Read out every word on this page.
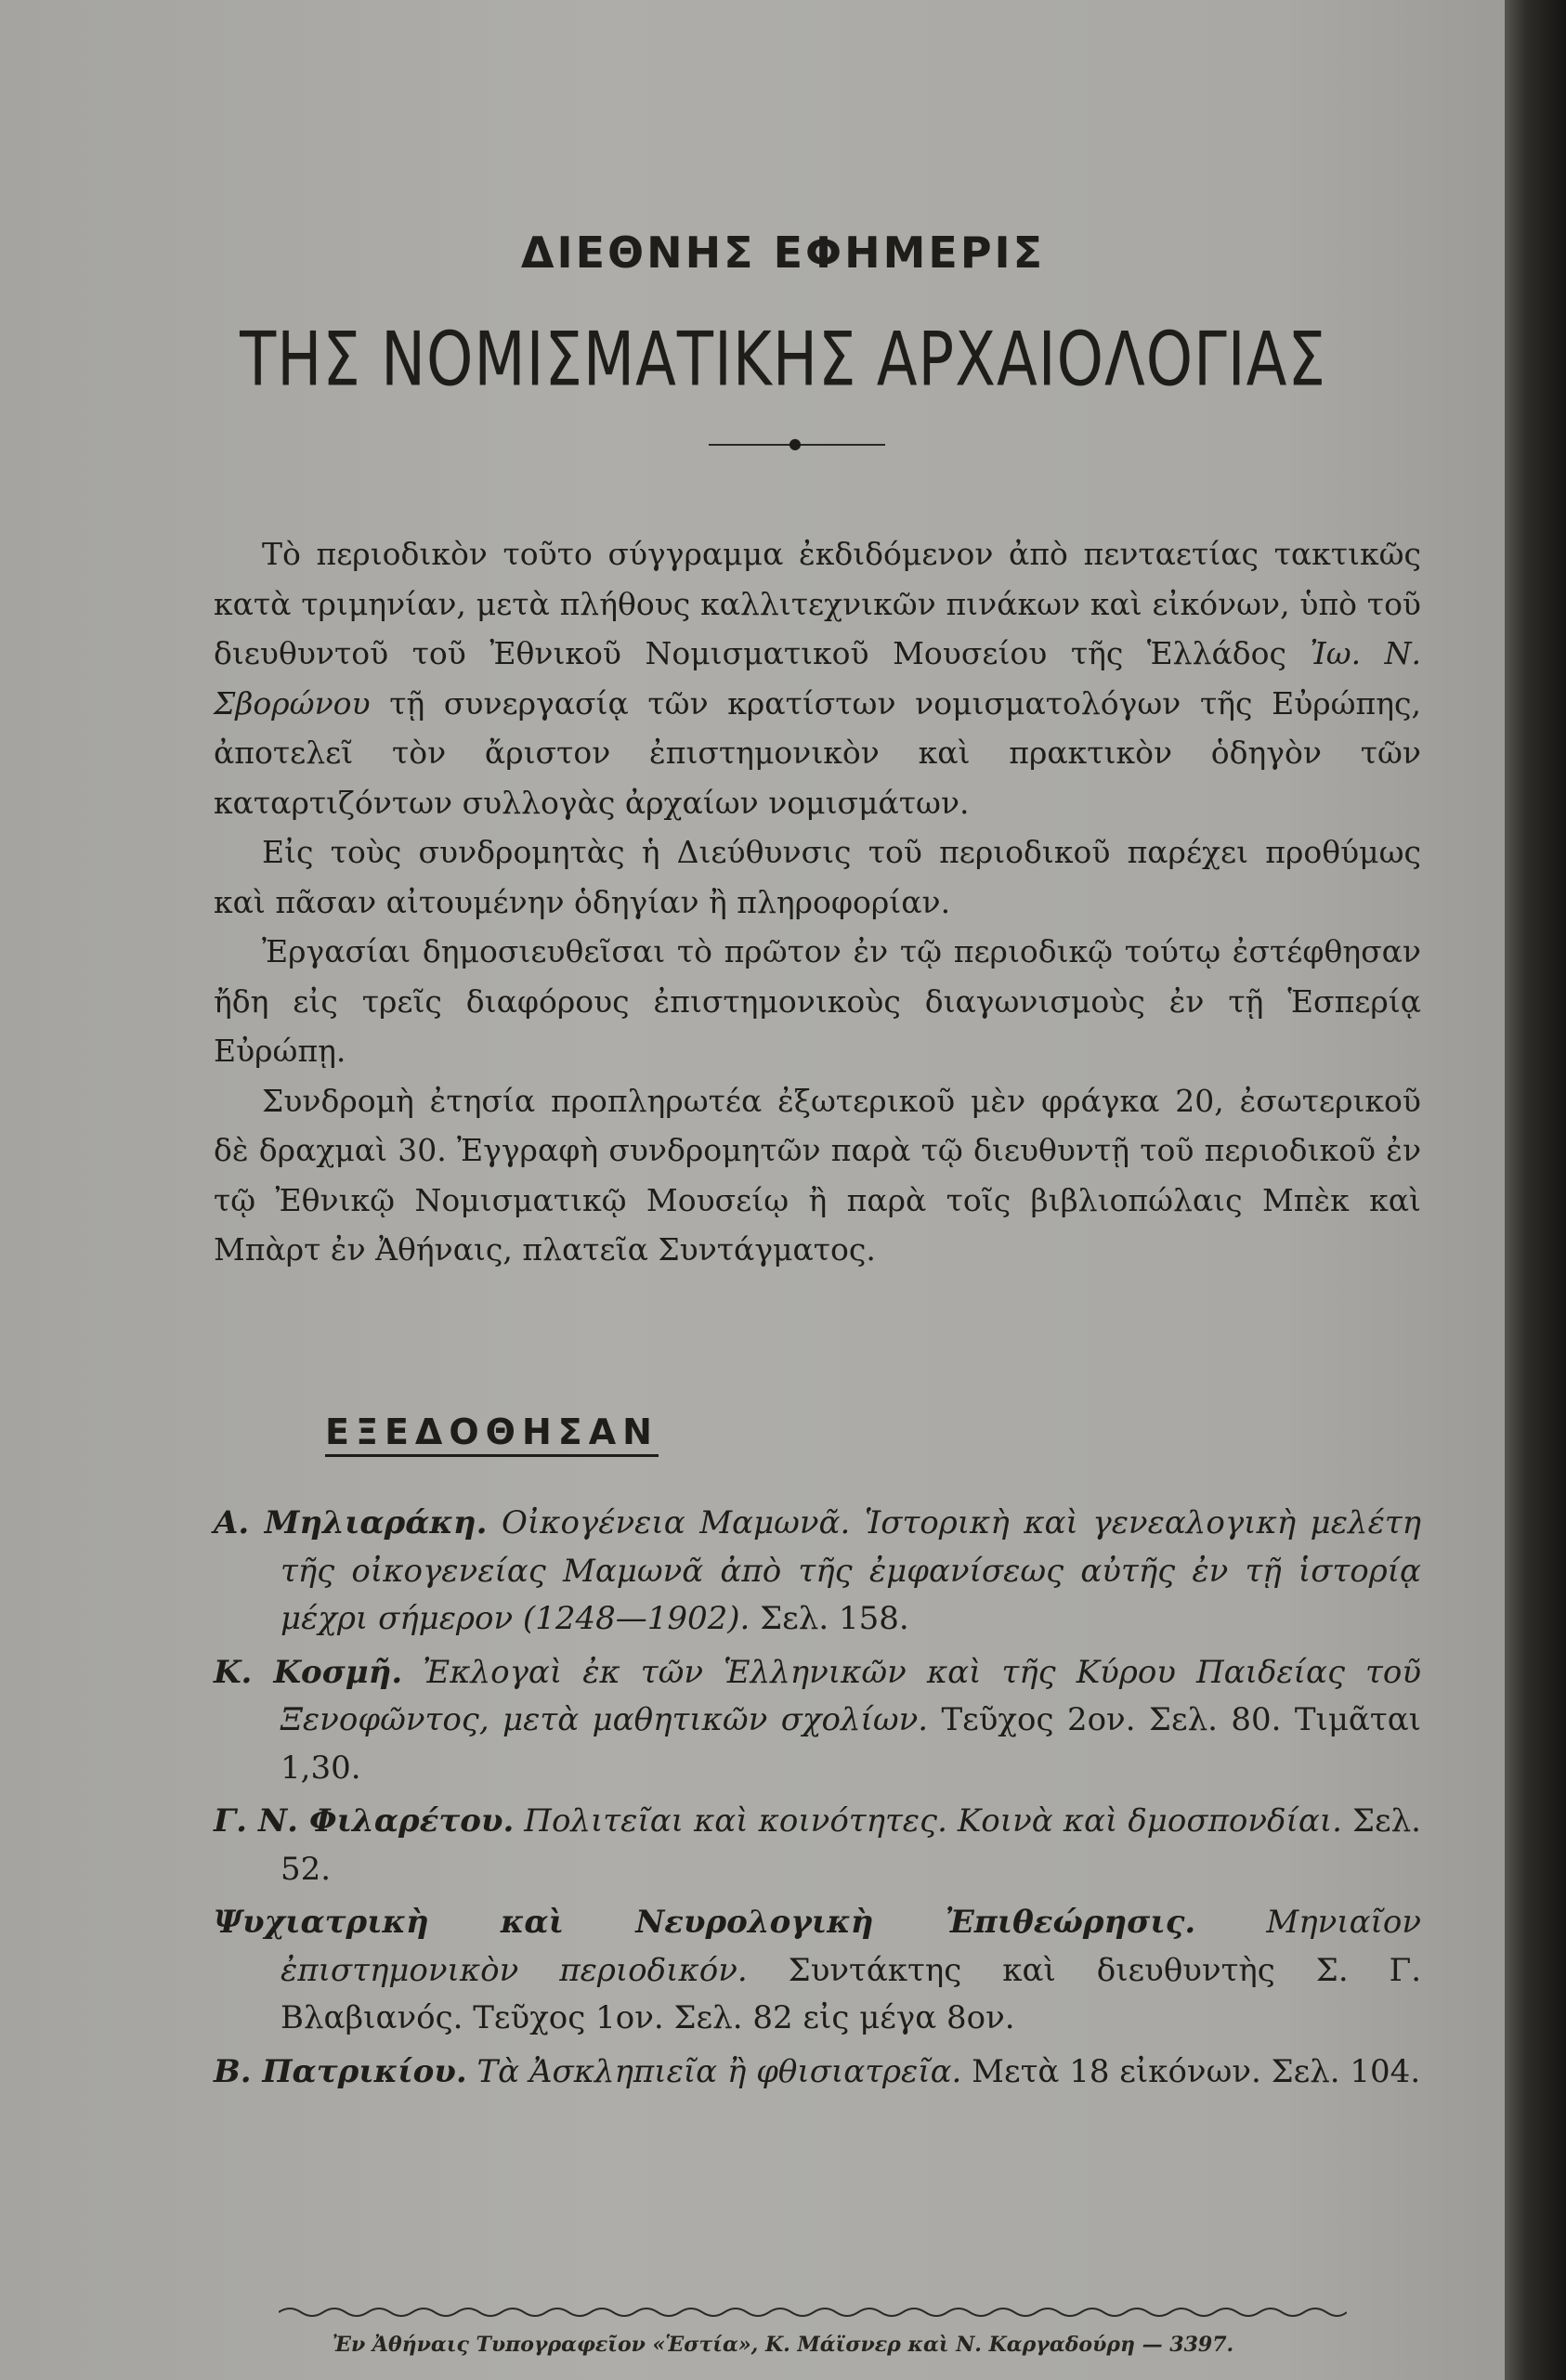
ΔΙΕΘΝΗΣ ΕΦΗΜΕΡΙΣ
ΤΗΣ ΝΟΜΙΣΜΑΤΙΚΗΣ ΑΡΧΑΙΟΛΟΓΙΑΣ
●

Τὸ περιοδικὸν τοῦτο σύγγραμμα ἐκδιδόμενον ἀπὸ πενταετίας τακτικῶς κατὰ τριμηνίαν, μετὰ πλήθους καλλιτεχνικῶν πινάκων καὶ εἰκόνων, ὑπὸ τοῦ διευθυντοῦ τοῦ Ἐθνικοῦ Νομισματικοῦ Μουσείου τῆς Ἑλλάδος Ἰω. Ν. Σβορώνου τῇ συνεργασίᾳ τῶν κρατίστων νομισματολόγων τῆς Εὐρώπης, ἀποτελεῖ τὸν ἄριστον ἐπιστημονικὸν καὶ πρακτικὸν ὁδηγὸν τῶν καταρτιζόντων συλλογὰς ἀρχαίων νομισμάτων.

Εἰς τοὺς συνδρομητὰς ἡ Διεύθυνσις τοῦ περιοδικοῦ παρέχει προθύμως καὶ πᾶσαν αἰτουμένην ὁδηγίαν ἢ πληροφορίαν.

Ἐργασίαι δημοσιευθεῖσαι τὸ πρῶτον ἐν τῷ περιοδικῷ τούτῳ ἐστέφθησαν ἤδη εἰς τρεῖς διαφόρους ἐπιστημονικοὺς διαγωνισμοὺς ἐν τῇ Ἑσπερίᾳ Εὐρώπῃ.

Συνδρομὴ ἐτησία προπληρωτέα ἐξωτερικοῦ μὲν φράγκα 20, ἐσωτερικοῦ δὲ δραχμαὶ 30. Ἐγγραφὴ συνδρομητῶν παρὰ τῷ διευθυντῇ τοῦ περιοδικοῦ ἐν τῷ Ἐθνικῷ Νομισματικῷ Μουσείῳ ἢ παρὰ τοῖς βιβλιοπώλαις Μπὲκ καὶ Μπὰρτ ἐν Ἀθήναις, πλατεῖα Συντάγματος.

ΕΞΕΔΟΘΗΣΑΝ
Α. Μηλιαράκη. Οἰκογένεια Μαμωνᾶ. Ἱστορικὴ καὶ γενεαλογικὴ μελέτη τῆς οἰκογενείας Μαμωνᾶ ἀπὸ τῆς ἐμφανίσεως αὐτῆς ἐν τῇ ἱστορίᾳ μέχρι σήμερον (1248—1902). Σελ. 158.
Κ. Κοσμῆ. Ἐκλογαὶ ἐκ τῶν Ἑλληνικῶν καὶ τῆς Κύρου Παιδείας τοῦ Ξενοφῶντος, μετὰ μαθητικῶν σχολίων. Τεῦχος 2ον. Σελ. 80. Τιμᾶται 1,30.
Γ. Ν. Φιλαρέτου. Πολιτεῖαι καὶ κοινότητες. Κοινὰ καὶ δμοσπονδίαι. Σελ. 52.
Ψυχιατρικὴ καὶ Νευρολογικὴ Ἐπιθεώρησις. Μηνιαῖον ἐπιστημονικὸν περιοδικόν. Συντάκτης καὶ διευθυντὴς Σ. Γ. Βλαβιανός. Τεῦχος 1ον. Σελ. 82 εἰς μέγα 8ον.
Β. Πατρικίου. Τὰ Ἀσκληπιεῖα ἢ φθισιατρεῖα. Μετὰ 18 εἰκόνων. Σελ. 104.
Ἐν Ἀθήναις Τυπογραφεῖον «Ἑστία», Κ. Μάϊσνερ καὶ Ν. Καργαδούρη — 3397.
